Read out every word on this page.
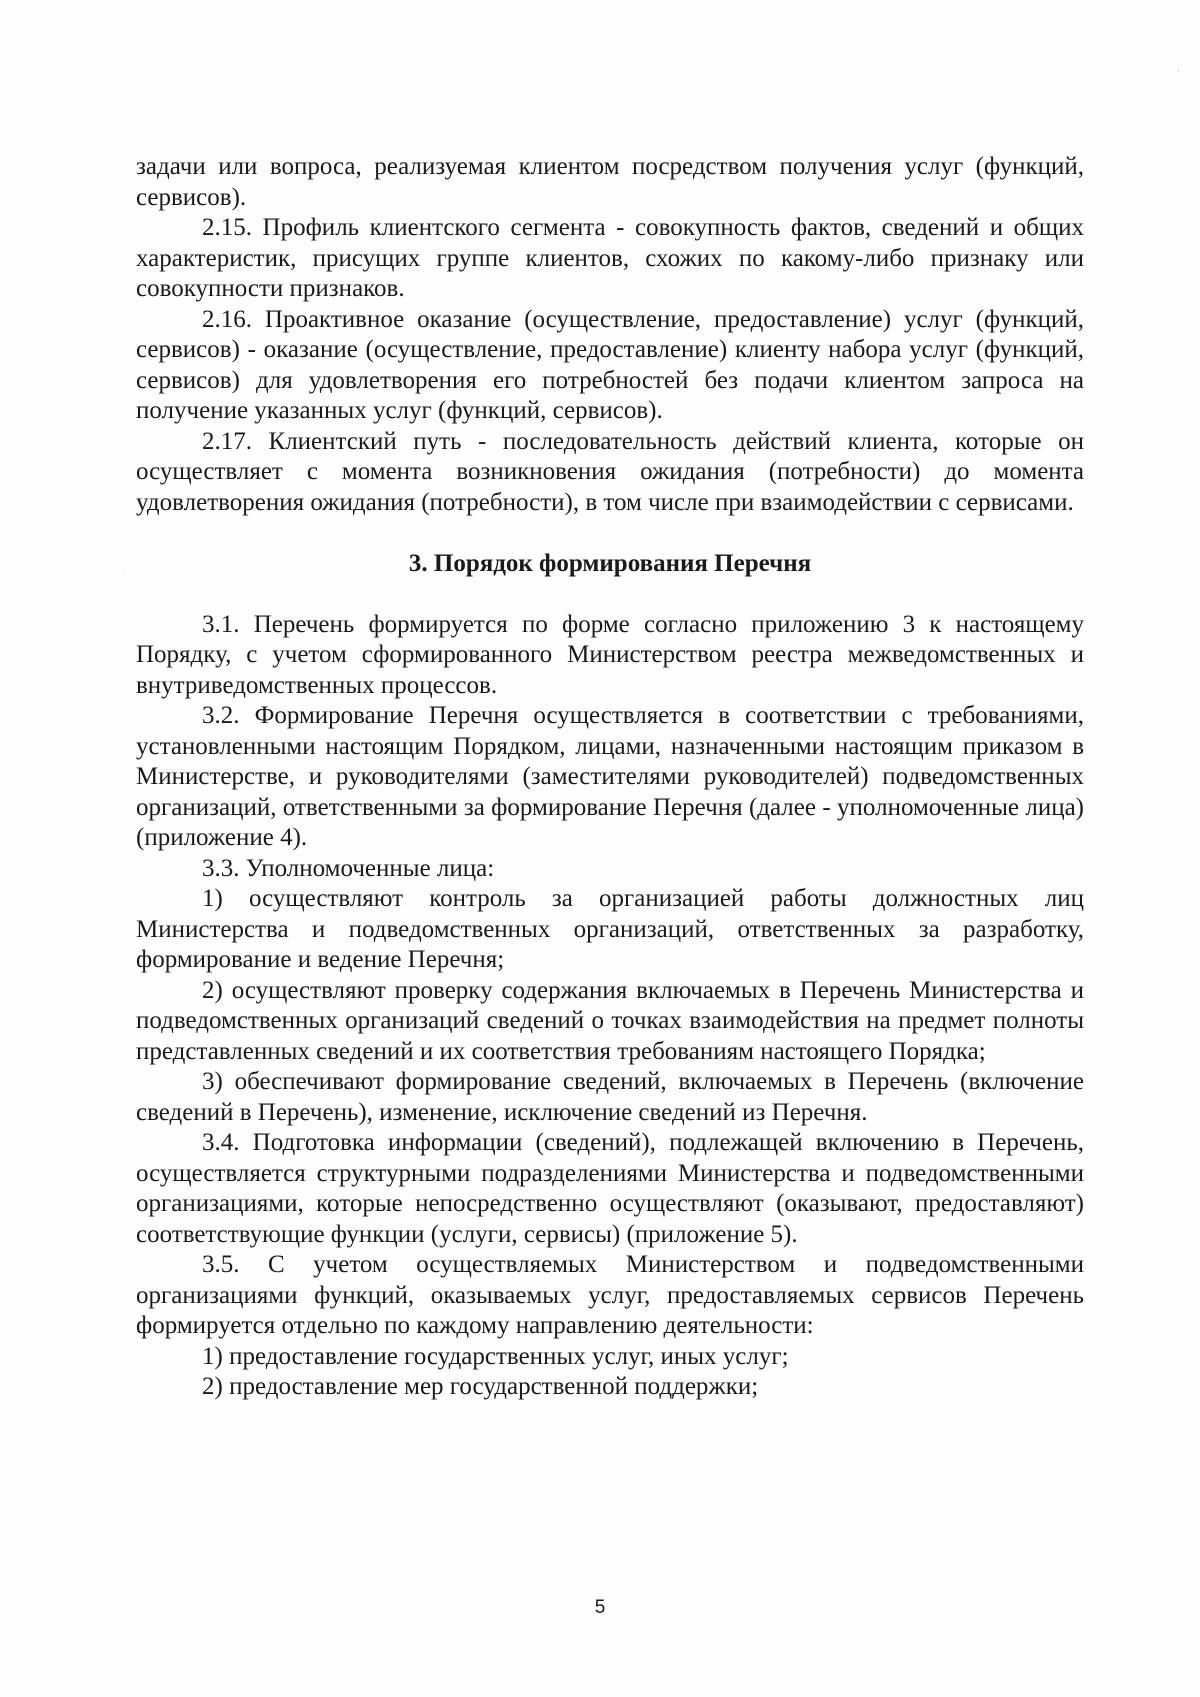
задачи или вопроса, реализуемая клиентом посредством получения услуг (функций, сервисов).

2.15. Профиль клиентского сегмента - совокупность фактов, сведений и общих характеристик, присущих группе клиентов, схожих по какому-либо признаку или совокупности признаков.

2.16. Проактивное оказание (осуществление, предоставление) услуг (функций, сервисов) - оказание (осуществление, предоставление) клиенту набора услуг (функций, сервисов) для удовлетворения его потребностей без подачи клиентом запроса на получение указанных услуг (функций, сервисов).

2.17. Клиентский путь - последовательность действий клиента, которые он осуществляет с момента возникновения ожидания (потребности) до момента удовлетворения ожидания (потребности), в том числе при взаимодействии с сервисами.

3. Порядок формирования Перечня

3.1. Перечень формируется по форме согласно приложению 3 к настоящему Порядку, с учетом сформированного Министерством реестра межведомственных и внутриведомственных процессов.

3.2. Формирование Перечня осуществляется в соответствии с требованиями, установленными настоящим Порядком, лицами, назначенными настоящим приказом в Министерстве, и руководителями (заместителями руководителей) подведомственных организаций, ответственными за формирование Перечня (далее - уполномоченные лица) (приложение 4).

3.3. Уполномоченные лица:

1) осуществляют контроль за организацией работы должностных лиц Министерства и подведомственных организаций, ответственных за разработку, формирование и ведение Перечня;

2) осуществляют проверку содержания включаемых в Перечень Министерства и подведомственных организаций сведений о точках взаимодействия на предмет полноты представленных сведений и их соответствия требованиям настоящего Порядка;

3) обеспечивают формирование сведений, включаемых в Перечень (включение сведений в Перечень), изменение, исключение сведений из Перечня.

3.4. Подготовка информации (сведений), подлежащей включению в Перечень, осуществляется структурными подразделениями Министерства и подведомственными организациями, которые непосредственно осуществляют (оказывают, предоставляют) соответствующие функции (услуги, сервисы) (приложение 5).

3.5. С учетом осуществляемых Министерством и подведомственными организациями функций, оказываемых услуг, предоставляемых сервисов Перечень формируется отдельно по каждому направлению деятельности:

1) предоставление государственных услуг, иных услуг;

2) предоставление мер государственной поддержки;

5
